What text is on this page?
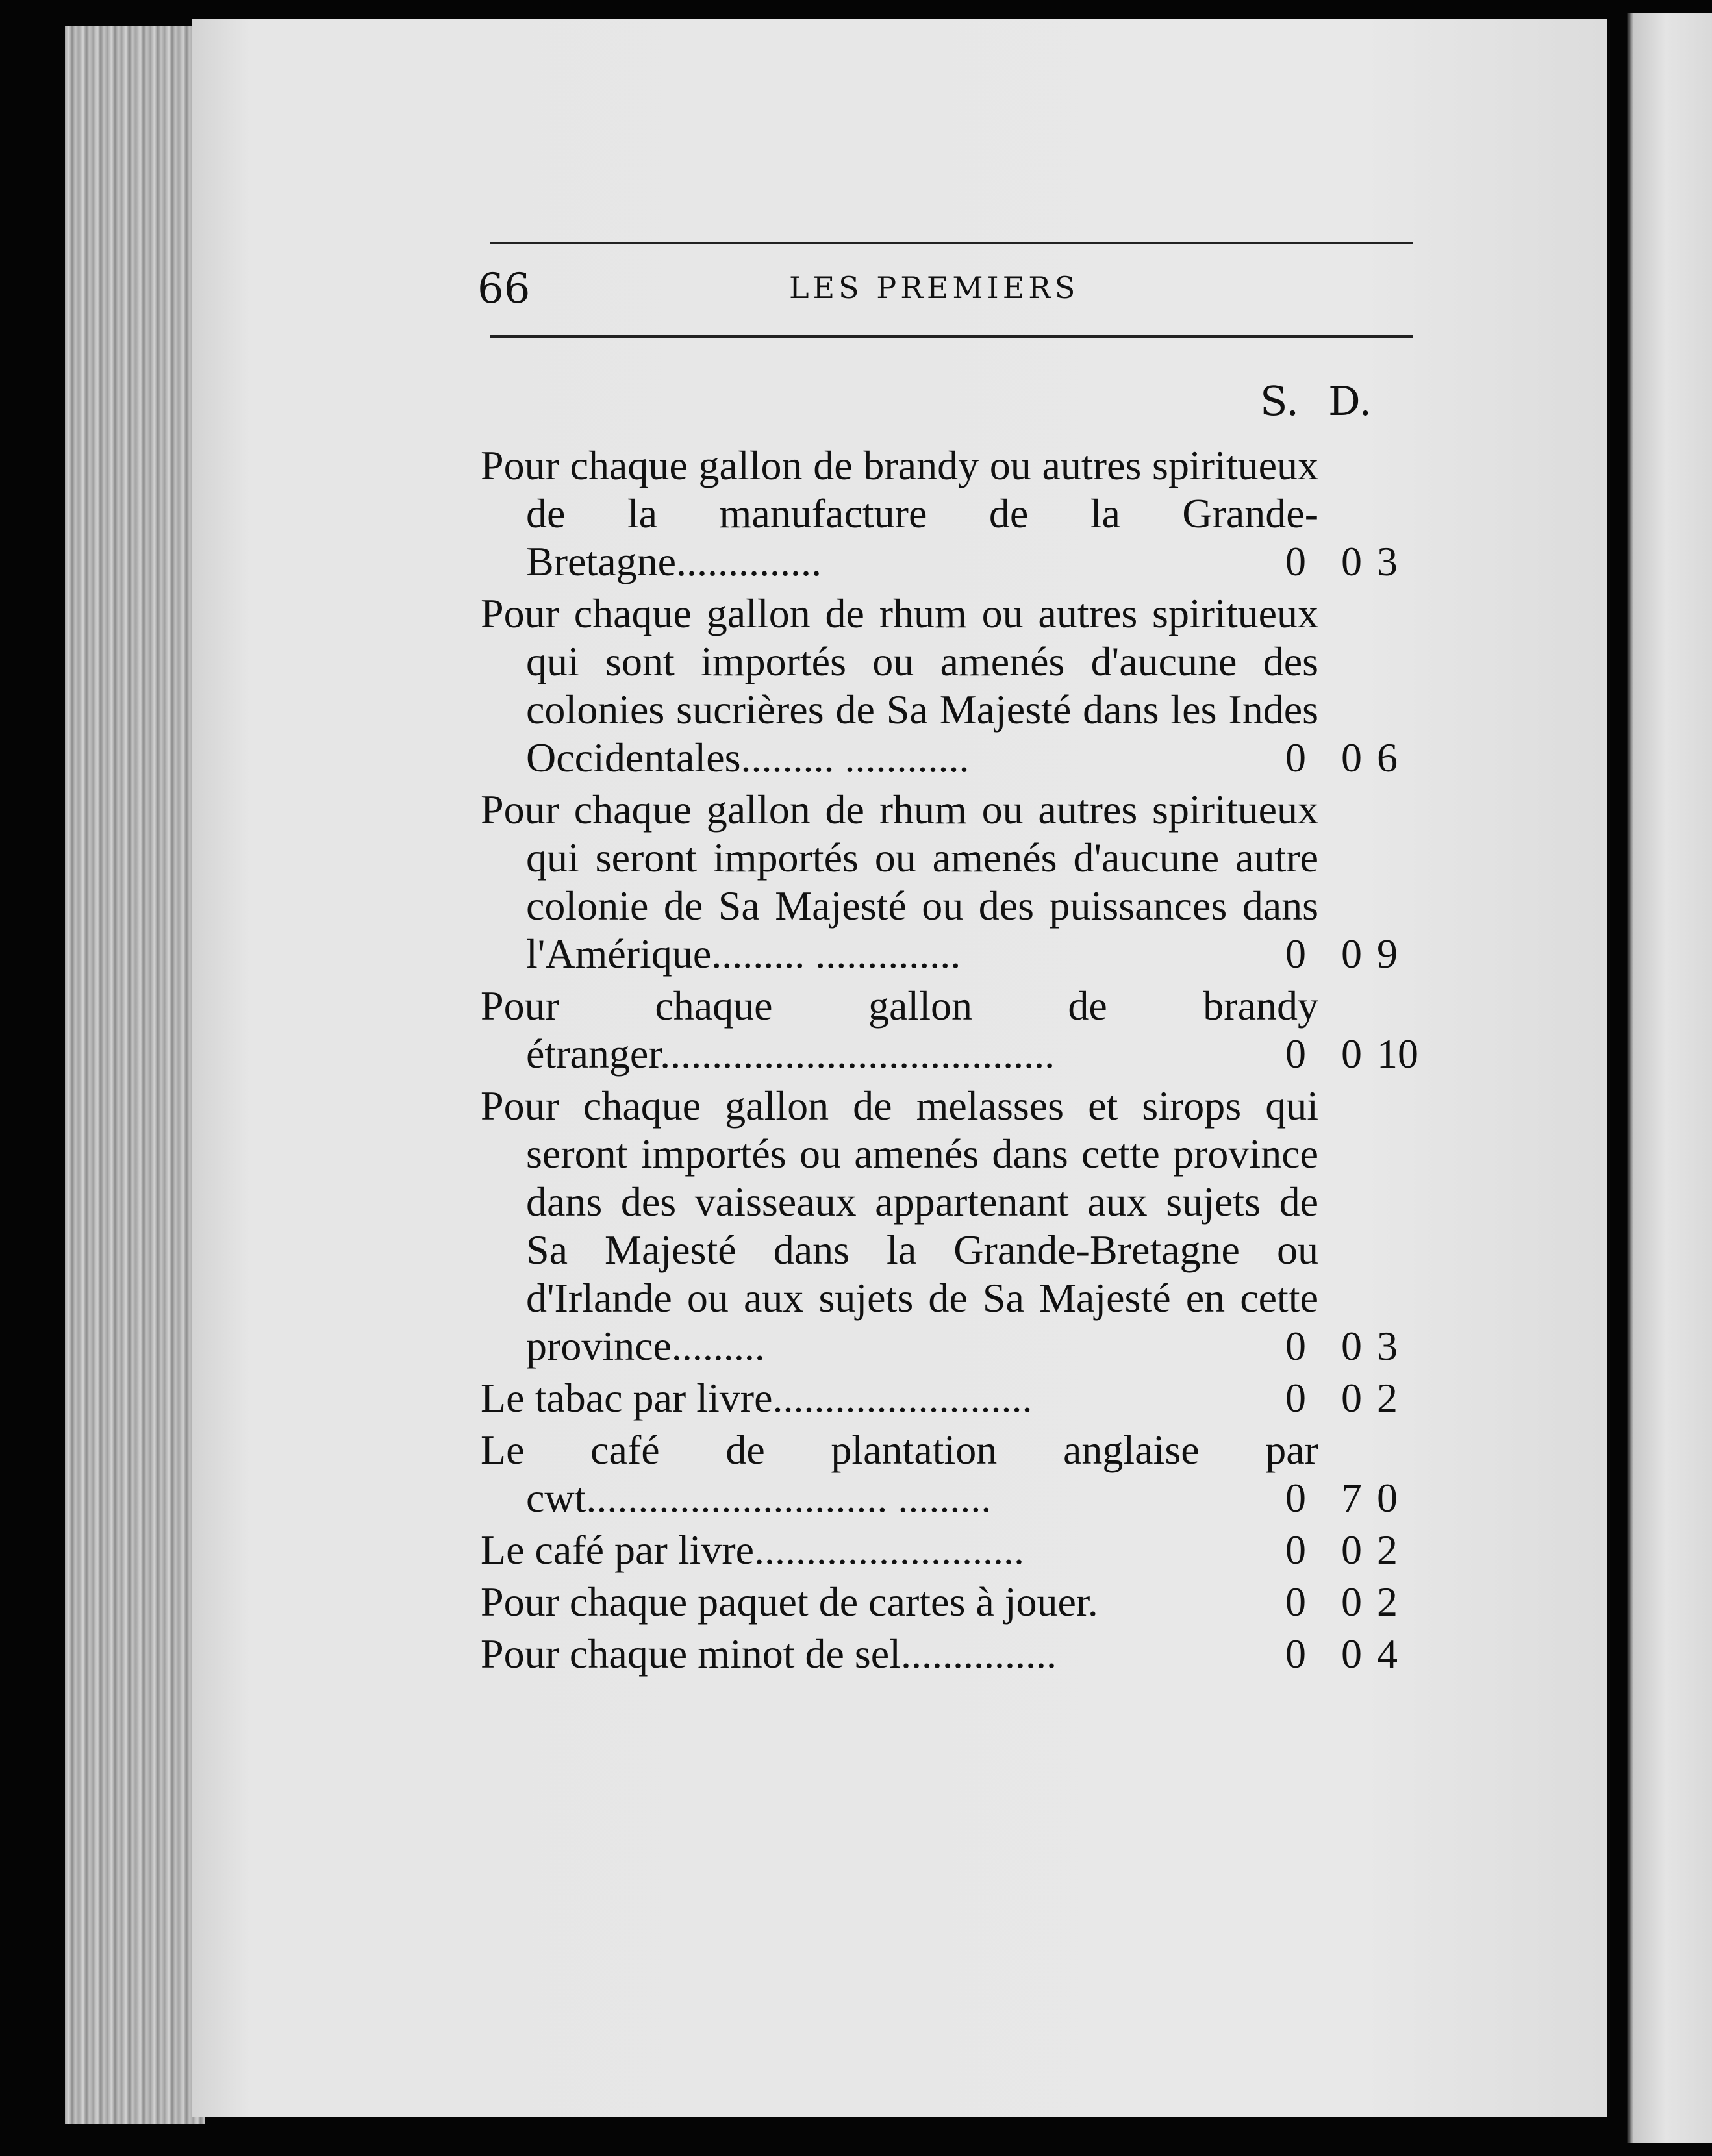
66	LES PREMIERS
S. D.
Pour chaque gallon de brandy ou autres spiritueux de la manufacture de la Grande-Bretagne..............	0 0 3
Pour chaque gallon de rhum ou autres spiritueux qui sont importés ou amenés d'aucune des colonies sucrières de Sa Majesté dans les Indes Occidentales......... ............	0 0 6
Pour chaque gallon de rhum ou autres spiritueux qui seront importés ou amenés d'aucune autre colonie de Sa Majesté ou des puissances dans l'Amérique......... ..............	0 0 9
Pour chaque gallon de brandy étranger......................................	0 0 10
Pour chaque gallon de melasses et sirops qui seront importés ou amenés dans cette province dans des vaisseaux appartenant aux sujets de Sa Majesté dans la Grande-Bretagne ou d'Irlande ou aux sujets de Sa Majesté en cette province.........	0 0 3
Le tabac par livre.........................	0 0 2
Le café de plantation anglaise par cwt............................. .........	0 7 0
Le café par livre..........................	0 0 2
Pour chaque paquet de cartes à jouer.	0 0 2
Pour chaque minot de sel...............	0 0 4
